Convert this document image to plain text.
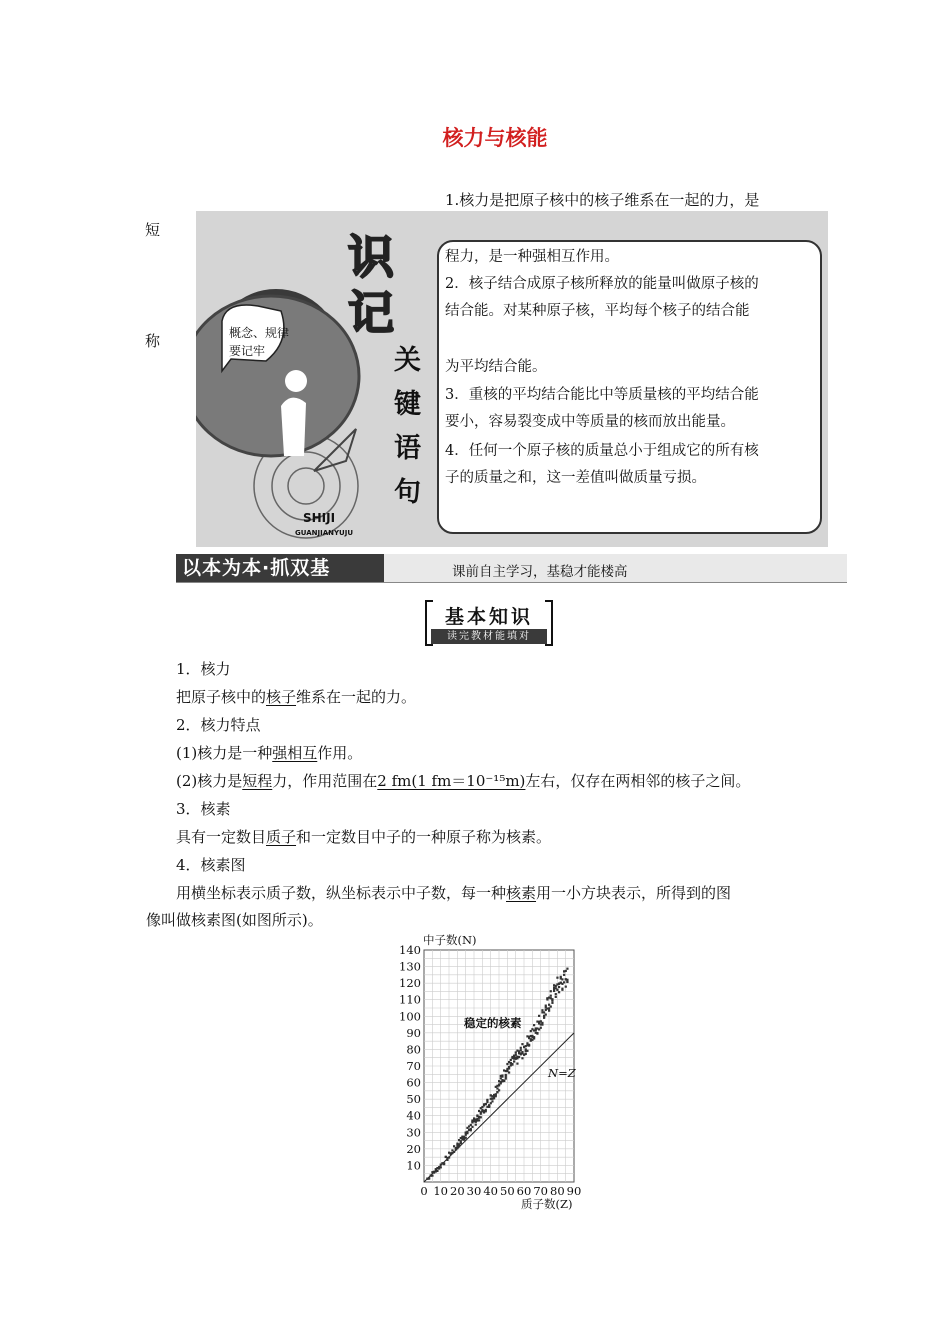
核力与核能
1.核力是把原子核中的核子维系在一起的力，是
短
称	概念、规律
要记牢
识
记
关
键
语
句
SHIJI
GUANJIANYUJU
程力，是一种强相互作用。
2．核子结合成原子核所释放的能量叫做原子核的
结合能。对某种原子核，平均每个核子的结合能
为平均结合能。
3．重核的平均结合能比中等质量核的平均结合能
要小，容易裂变成中等质量的核而放出能量。
4．任何一个原子核的质量总小于组成它的所有核
子的质量之和，这一差值叫做质量亏损。
以本为本·抓双基	课前自主学习，基稳才能楼高
基本知识
读完教材能填对
1．核力
把原子核中的核子维系在一起的力。
2．核力特点
(1)核力是一种强相互作用。
(2)核力是短程力，作用范围在2 fm(1 fm＝10⁻¹⁵m)左右，仅存在两相邻的核子之间。
3．核素
具有一定数目质子和一定数目中子的一种原子称为核素。
4．核素图
用横坐标表示质子数，纵坐标表示中子数，每一种核素用一小方块表示，所得到的图
像叫做核素图(如图所示)。
0 10 20 30 40 50 60 70 80 90
10
20
30
40
50
60
70
80
90
100
110
120
130
140
中子数(N)
质子数(Z)
稳定的核素
N=Z
